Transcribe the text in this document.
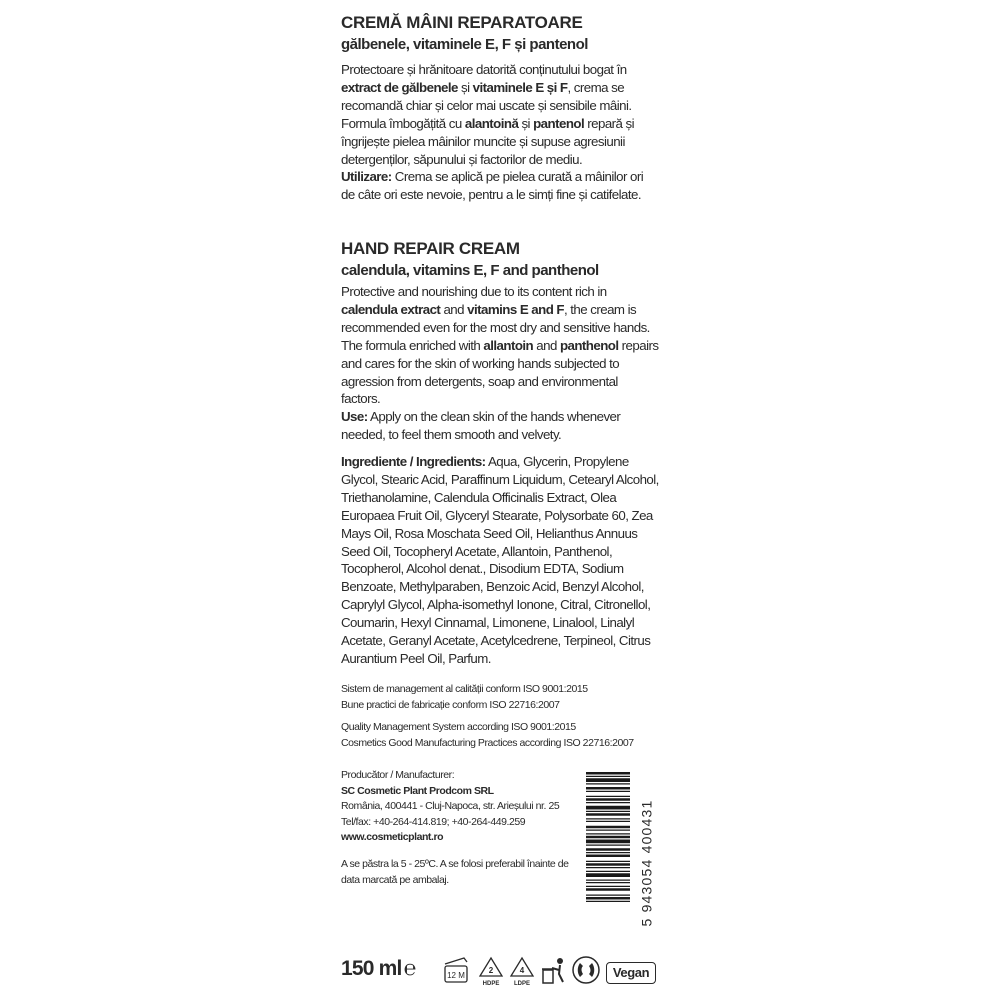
CREMĂ MÂINI REPARATOARE
gălbenele, vitaminele E, F și pantenol

Protectoare și hrănitoare datorită conținutului bogat în extract de gălbenele și vitaminele E și F, crema se recomandă chiar și celor mai uscate și sensibile mâini. Formula îmbogățită cu alantoină și pantenol repară și îngrijește pielea mâinilor muncite și supuse agresiunii detergenților, săpunului și factorilor de mediu.

Utilizare: Crema se aplică pe pielea curată a mâinilor ori de câte ori este nevoie, pentru a le simți fine și catifelate.

HAND REPAIR CREAM
calendula, vitamins E, F and panthenol

Protective and nourishing due to its content rich in calendula extract and vitamins E and F, the cream is recommended even for the most dry and sensitive hands. The formula enriched with allantoin and panthenol repairs and cares for the skin of working hands subjected to agression from detergents, soap and environmental factors.

Use: Apply on the clean skin of the hands whenever needed, to feel them smooth and velvety.

Ingrediente / Ingredients: Aqua, Glycerin, Propylene Glycol, Stearic Acid, Paraffinum Liquidum, Cetearyl Alcohol, Triethanolamine, Calendula Officinalis Extract, Olea Europaea Fruit Oil, Glyceryl Stearate, Polysorbate 60, Zea Mays Oil, Rosa Moschata Seed Oil, Helianthus Annuus Seed Oil, Tocopheryl Acetate, Allantoin, Panthenol, Tocopherol, Alcohol denat., Disodium EDTA, Sodium Benzoate, Methylparaben, Benzoic Acid, Benzyl Alcohol, Caprylyl Glycol, Alpha-isomethyl Ionone, Citral, Citronellol, Coumarin, Hexyl Cinnamal, Limonene, Linalool, Linalyl Acetate, Geranyl Acetate, Acetylcedrene, Terpineol, Citrus Aurantium Peel Oil, Parfum.

Sistem de management al calității conform ISO 9001:2015

Bune practici de fabricație conform ISO 22716:2007

Quality Management System according ISO 9001:2015

Cosmetics Good Manufacturing Practices according ISO 22716:2007

Producător / Manufacturer:

SC Cosmetic Plant Prodcom SRL

România, 400441 - Cluj-Napoca, str. Arieșului nr. 25

Tel/fax: +40-264-414.819; +40-264-449.259

www.cosmeticplant.ro

A se păstra la 5 - 25ºC. A se folosi preferabil înainte de data marcată pe ambalaj.	5 943054 400431
150 ml℮	12 M
2
HDPE
4
LDPE
Vegan
